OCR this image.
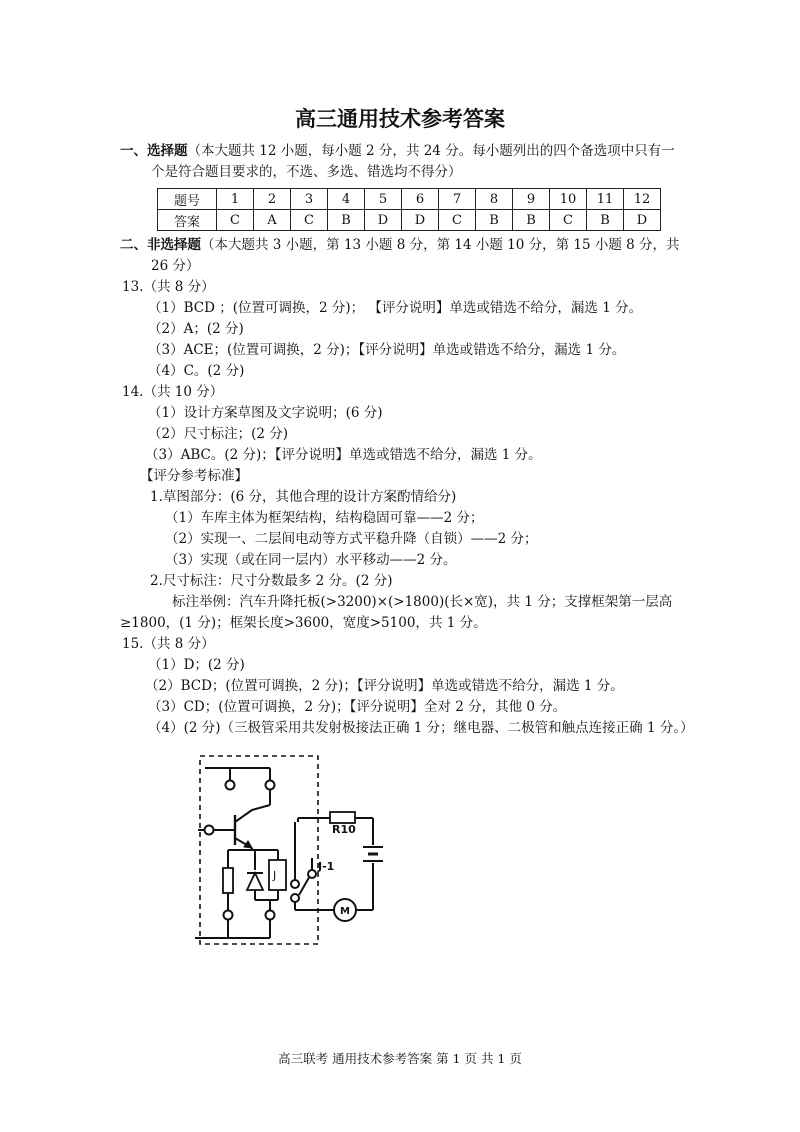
高三通用技术参考答案
一、选择题（本大题共 12 小题，每小题 2 分，共 24 分。每小题列出的四个备选项中只有一
个是符合题目要求的，不选、多选、错选均不得分）
题号	1	2	3	4	5	6	7	8	9	10	11	12
答案	C	A	C	B	D	D	C	B	B	C	B	D
二、非选择题（本大题共 3 小题，第 13 小题 8 分，第 14 小题 10 分，第 15 小题 8 分，共
26 分）
13.（共 8 分）
（1）BCD ；(位置可调换，2 分)； 【评分说明】单选或错选不给分，漏选 1 分。
（2）A；(2 分)
（3）ACE；(位置可调换，2 分)；【评分说明】单选或错选不给分，漏选 1 分。
（4）C。(2 分)
14.（共 10 分）
（1）设计方案草图及文字说明；(6 分)
（2）尺寸标注；(2 分)
（3）ABC。(2 分)；【评分说明】单选或错选不给分，漏选 1 分。
【评分参考标准】
1.草图部分：(6 分，其他合理的设计方案酌情给分)
（1）车库主体为框架结构，结构稳固可靠——2 分；
（2）实现一、二层间电动等方式平稳升降（自锁）——2 分；
（3）实现（或在同一层内）水平移动——2 分。
2.尺寸标注：尺寸分数最多 2 分。(2 分)
标注举例：汽车升降托板(>3200)×(>1800)(长×宽)，共 1 分；支撑框架第一层高
≥1800，(1 分)；框架长度>3600，宽度>5100，共 1 分。
15.（共 8 分）
（1）D；(2 分)
（2）BCD；(位置可调换，2 分)；【评分说明】单选或错选不给分，漏选 1 分。
（3）CD；(位置可调换，2 分)；【评分说明】全对 2 分，其他 0 分。
（4）(2 分)（三极管采用共发射极接法正确 1 分；继电器、二极管和触点连接正确 1 分。）
R10
J-1
J
M
高三联考 通用技术参考答案 第 1 页 共 1 页
